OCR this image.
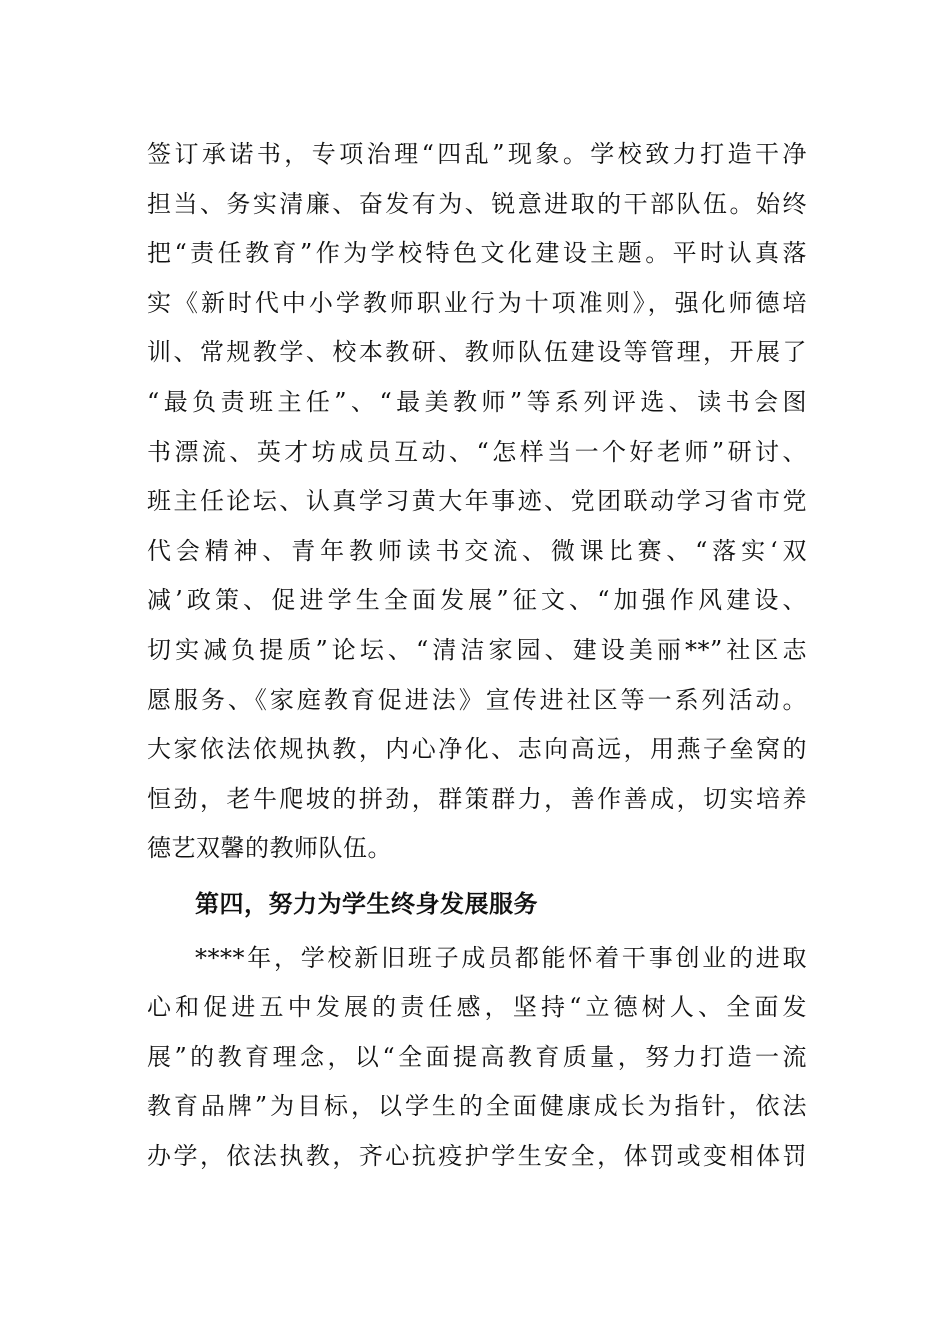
签订承诺书，专项治理“四乱”现象。学校致力打造干净
担当、务实清廉、奋发有为、锐意进取的干部队伍。始终
把“责任教育”作为学校特色文化建设主题。平时认真落
实《新时代中小学教师职业行为十项准则》，强化师德培
训、常规教学、校本教研、教师队伍建设等管理，开展了
“最负责班主任”、“最美教师”等系列评选、读书会图
书漂流、英才坊成员互动、“怎样当一个好老师”研讨、
班主任论坛、认真学习黄大年事迹、党团联动学习省市党
代会精神、青年教师读书交流、微课比赛、“落实‘双
减’政策、促进学生全面发展”征文、“加强作风建设、
切实减负提质”论坛、“清洁家园、建设美丽**”社区志
愿服务、《家庭教育促进法》宣传进社区等一系列活动。
大家依法依规执教，内心净化、志向高远，用燕子垒窝的
恒劲，老牛爬坡的拼劲，群策群力，善作善成，切实培养
德艺双馨的教师队伍。
第四，努力为学生终身发展服务
****年，学校新旧班子成员都能怀着干事创业的进取
心和促进五中发展的责任感，坚持“立德树人、全面发
展”的教育理念，以“全面提高教育质量，努力打造一流
教育品牌”为目标，以学生的全面健康成长为指针，依法
办学，依法执教，齐心抗疫护学生安全，体罚或变相体罚
